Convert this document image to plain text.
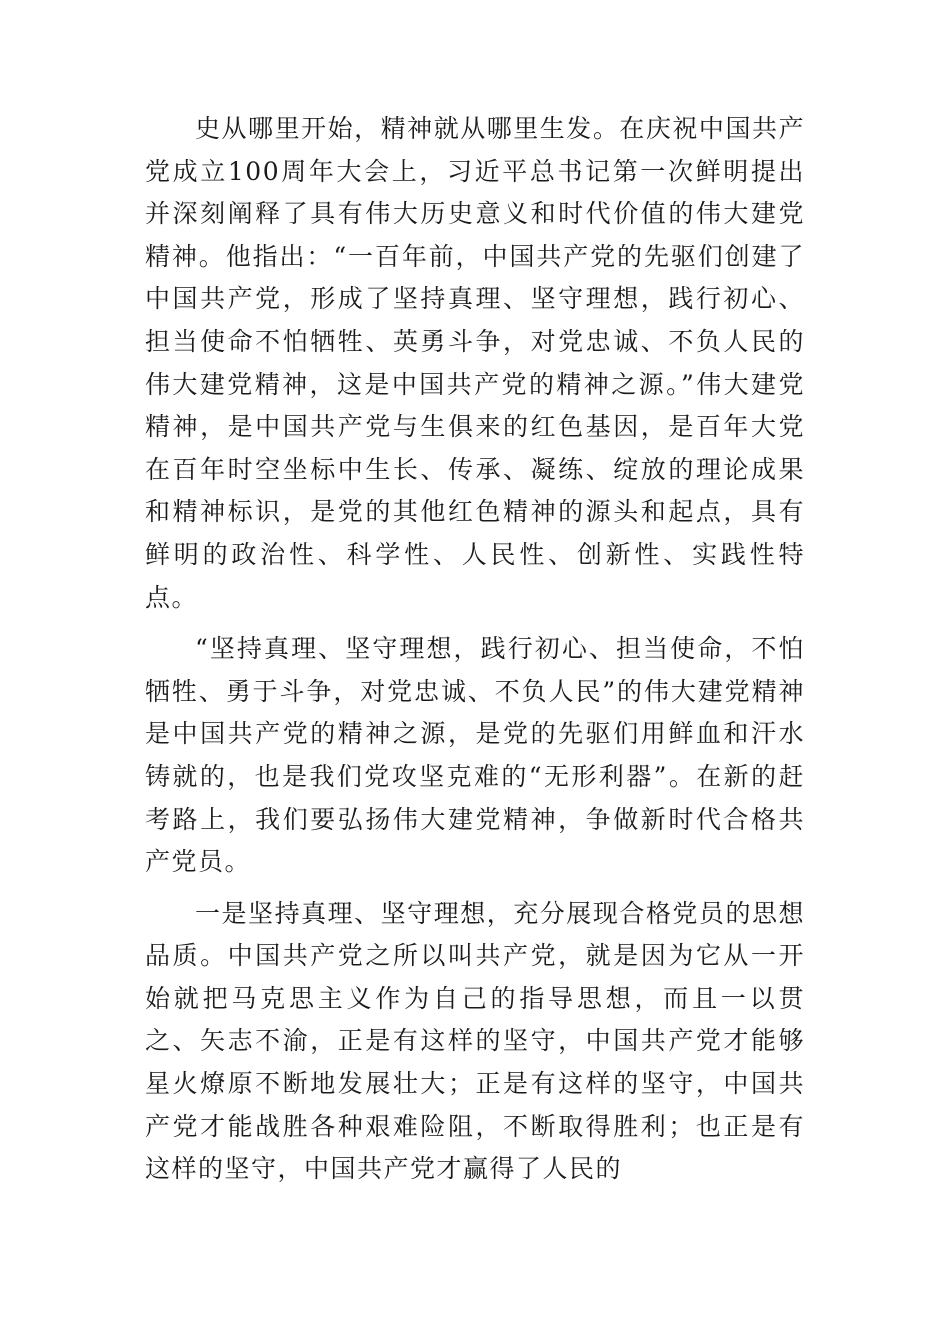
史从哪里开始，精神就从哪里生发。在庆祝中国共产党成立100周年大会上，习近平总书记第一次鲜明提出并深刻阐释了具有伟大历史意义和时代价值的伟大建党精神。他指出：“一百年前，中国共产党的先驱们创建了中国共产党，形成了坚持真理、坚守理想，践行初心、担当使命不怕牺牲、英勇斗争，对党忠诚、不负人民的伟大建党精神，这是中国共产党的精神之源。”伟大建党精神，是中国共产党与生俱来的红色基因，是百年大党在百年时空坐标中生长、传承、凝练、绽放的理论成果和精神标识，是党的其他红色精神的源头和起点，具有鲜明的政治性、科学性、人民性、创新性、实践性特点。

“坚持真理、坚守理想，践行初心、担当使命，不怕牺牲、勇于斗争，对党忠诚、不负人民”的伟大建党精神是中国共产党的精神之源，是党的先驱们用鲜血和汗水铸就的，也是我们党攻坚克难的“无形利器”。在新的赶考路上，我们要弘扬伟大建党精神，争做新时代合格共产党员。

一是坚持真理、坚守理想，充分展现合格党员的思想品质。中国共产党之所以叫共产党，就是因为它从一开始就把马克思主义作为自己的指导思想，而且一以贯之、矢志不渝，正是有这样的坚守，中国共产党才能够星火燎原不断地发展壮大；正是有这样的坚守，中国共产党才能战胜各种艰难险阻，不断取得胜利；也正是有这样的坚守，中国共产党才赢得了人民的
